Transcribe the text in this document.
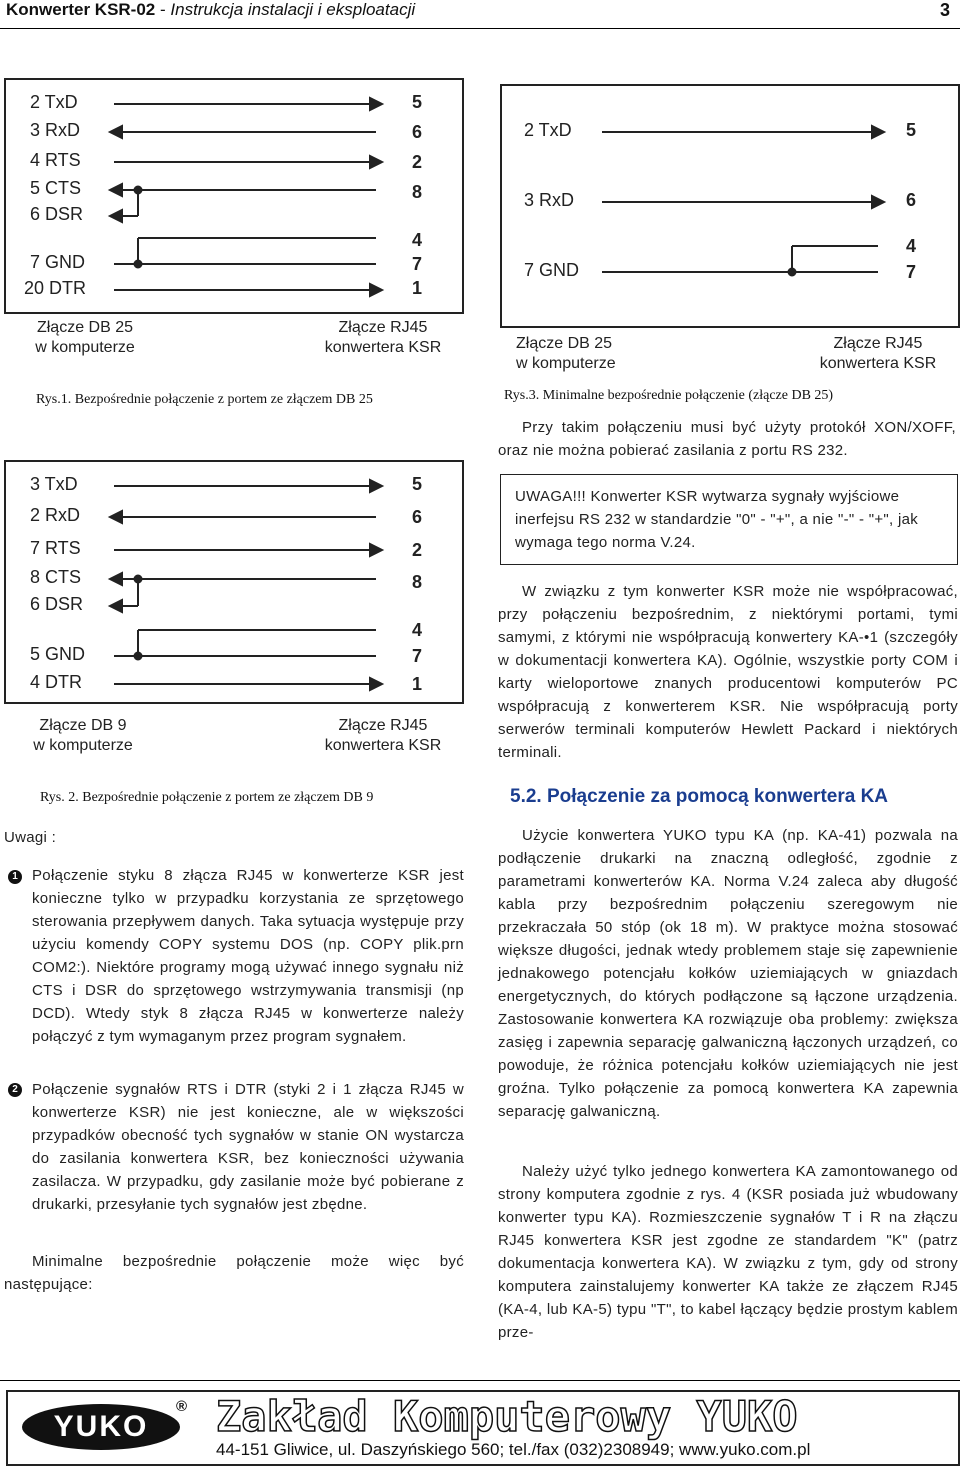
Konwerter KSR-02 - Instrukcja instalacji i eksploatacji	3
2 TxD
3 RxD
4 RTS
5 CTS
6 DSR
7 GND
20 DTR
5
6
2
8
4
7
1
Złącze DB 25
w komputerze
Złącze RJ45
konwertera KSR
Rys.1. Bezpośrednie połączenie z portem ze złączem DB 25
3 TxD
2 RxD
7 RTS
8 CTS
6 DSR
5 GND
4 DTR
5
6
2
8
4
7
1
Złącze DB 9
w komputerze
Złącze RJ45
konwertera KSR
Rys. 2. Bezpośrednie połączenie z portem ze złączem DB 9
Uwagi :
1 Połączenie styku 8 złącza RJ45 w konwerterze KSR jest konieczne tylko w przypadku korzystania ze sprzętowego sterowania przepływem danych. Taka sytuacja występuje przy użyciu komendy COPY systemu DOS (np. COPY plik.prn COM2:). Niektóre programy mogą używać innego sygnału niż CTS i DSR do sprzętowego wstrzymywania transmisji (np DCD). Wtedy styk 8 złącza RJ45 w konwerterze należy połączyć z tym wymaganym przez program sygnałem.
2 Połączenie sygnałów RTS i DTR (styki 2 i 1 złącza RJ45 w konwerterze KSR) nie jest konieczne, ale w większości przypadków obecność tych sygnałów w stanie ON wystarcza do zasilania konwertera KSR, bez konieczności używania zasilacza. W przypadku, gdy zasilanie może być pobierane z drukarki, przesyłanie tych sygnałów jest zbędne.
Minimalne bezpośrednie połączenie może więc być następujące:
2 TxD
3 RxD
7 GND
5
6
4
7
Złącze DB 25
w komputerze
Złącze RJ45
konwertera KSR
Rys.3. Minimalne bezpośrednie połączenie (złącze DB 25)
Przy takim połączeniu musi być użyty protokół XON/XOFF, oraz nie można pobierać zasilania z portu RS 232.
UWAGA!!! Konwerter KSR wytwarza sygnały wyjściowe inerfejsu RS 232 w standardzie "0" - "+", a nie "-" - "+", jak wymaga tego norma V.24.
W związku z tym konwerter KSR może nie współpracować, przy połączeniu bezpośrednim, z niektórymi portami, tymi samymi, z którymi nie współpracują konwertery KA-•1 (szczegóły w dokumentacji konwertera KA). Ogólnie, wszystkie porty COM i karty wieloportowe znanych producentowi komputerów PC współpracują z konwerterem KSR. Nie współpracują porty serwerów terminali komputerów Hewlett Packard i niektórych terminali.
5.2. Połączenie za pomocą konwertera KA
Użycie konwertera YUKO typu KA (np. KA-41) pozwala na podłączenie drukarki na znaczną odległość, zgodnie z parametrami konwerterów KA. Norma V.24 zaleca aby długość kabla przy bezpośrednim połączeniu szeregowym nie przekraczała 50 stóp (ok 18 m). W praktyce można stosować większe długości, jednak wtedy problemem staje się zapewnienie jednakowego potencjału kołków uziemiających w gniazdach energetycznych, do których podłączone są łączone urządzenia. Zastosowanie konwertera KA rozwiązuje oba problemy: zwiększa zasięg i zapewnia separację galwaniczną łączonych urządzeń, co powoduje, że różnica potencjału kołków uziemiających nie jest groźna. Tylko połączenie za pomocą konwertera KA zapewnia separację galwaniczną.
Należy użyć tylko jednego konwertera KA zamontowanego od strony komputera zgodnie z rys. 4 (KSR posiada już wbudowany konwerter typu KA). Rozmieszczenie sygnałów T i R na złączu RJ45 konwertera KSR jest zgodne ze standardem "K" (patrz dokumentacja konwertera KA). W związku z tym, gdy od strony komputera zainstalujemy konwerter KA także ze złączem RJ45 (KA-4, lub KA-5) typu "T", to kabel łączący będzie prostym kablem prze-
YUKO
® Zakład Komputerowy YUKO
44-151 Gliwice, ul. Daszyńskiego 560; tel./fax (032)2308949; www.yuko.com.pl
